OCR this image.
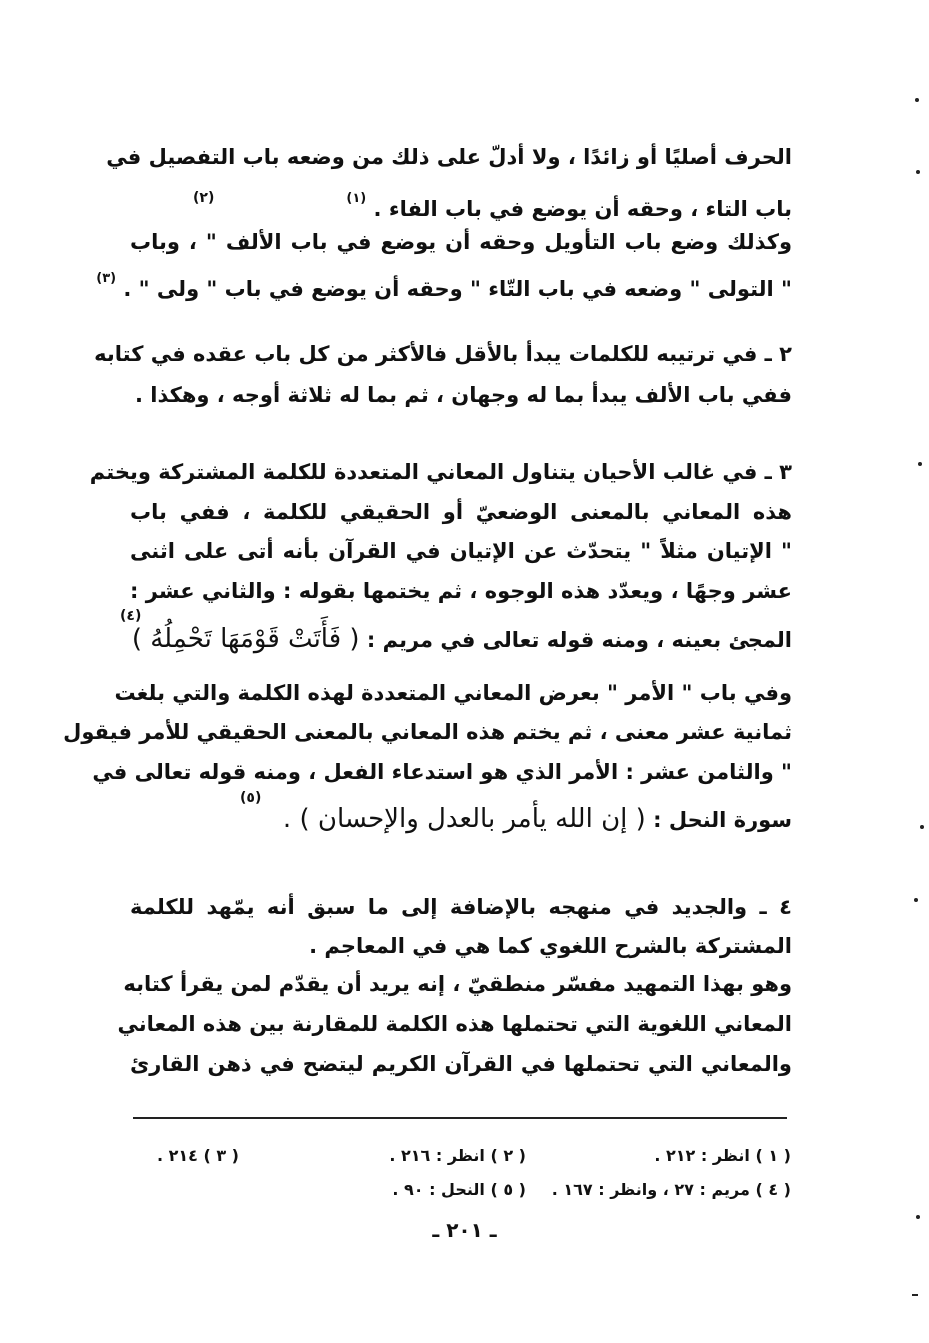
الحرف أصليًا أو زائدًا ، ولا أدلّ على ذلك من وضعه باب التفصيل في
باب التاء ، وحقه أن يوضع في باب الفاء . $^{(١)}$
(٢)
وكذلك وضع باب التأويل وحقه أن يوضع في باب الألف " ، وباب
" التولى " وضعه في باب التّاء " وحقه أن يوضع في باب " ولى " . $^{(٣)}$
٢ ـ في ترتيبه للكلمات يبدأ بالأقل فالأكثر من كل باب عقده في كتابه
ففي باب الألف يبدأ بما له وجهان ، ثم بما له ثلاثة أوجه ، وهكذا .
٣ ـ في غالب الأحيان يتناول المعاني المتعددة للكلمة المشتركة ويختم
هذه المعاني بالمعنى الوضعيّ أو الحقيقي للكلمة ، ففي باب
" الإتيان مثلاً " يتحدّث عن الإتيان في القرآن بأنه أتى على اثنى
عشر وجهًا ، ويعدّد هذه الوجوه ، ثم يختمها بقوله : والثاني عشر :
المجئ بعينه ، ومنه قوله تعالى في مريم : ( فَأَتَتْ قَوْمَهَا تَحْمِلُهُ )
(٤)
وفي باب " الأمر " بعرض المعاني المتعددة لهذه الكلمة والتي بلغت
ثمانية عشر معنى ، ثم يختم هذه المعاني بالمعنى الحقيقي للأمر فيقول
" والثامن عشر : الأمر الذي هو استدعاء الفعل ، ومنه قوله تعالى في
سورة النحل : ( إن الله يأمر بالعدل والإحسان ) .
(٥)
٤ ـ والجديد في منهجه بالإضافة إلى ما سبق أنه يمّهد للكلمة
المشتركة بالشرح اللغوي كما هي في المعاجم .
وهو بهذا التمهيد مفسّر منطقيّ ، إنه يريد أن يقدّم لمن يقرأ كتابه
المعاني اللغوية التي تحتملها هذه الكلمة للمقارنة بين هذه المعاني
والمعاني التي تحتملها في القرآن الكريم ليتضح في ذهن القارئ
( ١ ) انظر : ٢١٢ .
( ٢ ) انظر : ٢١٦ .
( ٣ ) ٢١٤ .
( ٤ ) مريم : ٢٧ ، وانظر : ١٦٧ .
( ٥ ) النحل : ٩٠ .
ـ ٢٠١ ـ
